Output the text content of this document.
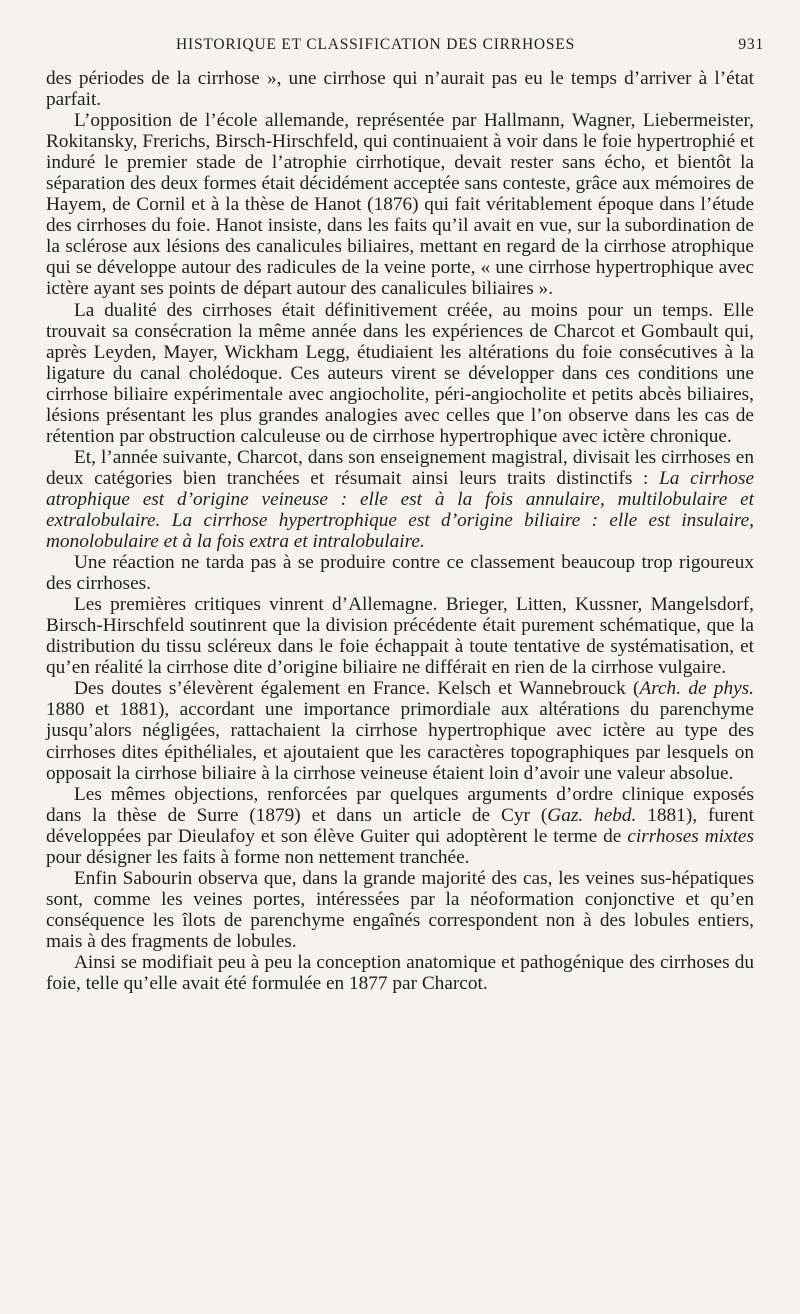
HISTORIQUE ET CLASSIFICATION DES CIRRHOSES	931

des périodes de la cirrhose », une cirrhose qui n’aurait pas eu le temps d’arriver à l’état parfait.

L’opposition de l’école allemande, représentée par Hallmann, Wagner, Liebermeister, Rokitansky, Frerichs, Birsch-Hirschfeld, qui continuaient à voir dans le foie hypertrophié et induré le premier stade de l’atrophie cirrhotique, devait rester sans écho, et bientôt la séparation des deux formes était décidément acceptée sans conteste, grâce aux mémoires de Hayem, de Cornil et à la thèse de Hanot (1876) qui fait véritablement époque dans l’étude des cirrhoses du foie. Hanot insiste, dans les faits qu’il avait en vue, sur la subordination de la sclérose aux lésions des canalicules biliaires, mettant en regard de la cirrhose atrophique qui se développe autour des radicules de la veine porte, « une cirrhose hypertrophique avec ictère ayant ses points de départ autour des canalicules biliaires ».

La dualité des cirrhoses était définitivement créée, au moins pour un temps. Elle trouvait sa consécration la même année dans les expériences de Charcot et Gombault qui, après Leyden, Mayer, Wickham Legg, étudiaient les altérations du foie consécutives à la ligature du canal cholédoque. Ces auteurs virent se développer dans ces conditions une cirrhose biliaire expérimentale avec angiocholite, péri-angiocholite et petits abcès biliaires, lésions présentant les plus grandes analogies avec celles que l’on observe dans les cas de rétention par obstruction calculeuse ou de cirrhose hypertrophique avec ictère chronique.

Et, l’année suivante, Charcot, dans son enseignement magistral, divisait les cirrhoses en deux catégories bien tranchées et résumait ainsi leurs traits distinctifs : La cirrhose atrophique est d’origine veineuse : elle est à la fois annulaire, multilobulaire et extralobulaire. La cirrhose hypertrophique est d’origine biliaire : elle est insulaire, monolobulaire et à la fois extra et intralobulaire.

Une réaction ne tarda pas à se produire contre ce classement beaucoup trop rigoureux des cirrhoses.

Les premières critiques vinrent d’Allemagne. Brieger, Litten, Kussner, Mangelsdorf, Birsch-Hirschfeld soutinrent que la division précédente était purement schématique, que la distribution du tissu scléreux dans le foie échappait à toute tentative de systématisation, et qu’en réalité la cirrhose dite d’origine biliaire ne différait en rien de la cirrhose vulgaire.

Des doutes s’élevèrent également en France. Kelsch et Wannebrouck (Arch. de phys. 1880 et 1881), accordant une importance primordiale aux altérations du parenchyme jusqu’alors négligées, rattachaient la cirrhose hypertrophique avec ictère au type des cirrhoses dites épithéliales, et ajoutaient que les caractères topographiques par lesquels on opposait la cirrhose biliaire à la cirrhose veineuse étaient loin d’avoir une valeur absolue.

Les mêmes objections, renforcées par quelques arguments d’ordre clinique exposés dans la thèse de Surre (1879) et dans un article de Cyr (Gaz. hebd. 1881), furent développées par Dieulafoy et son élève Guiter qui adoptèrent le terme de cirrhoses mixtes pour désigner les faits à forme non nettement tranchée.

Enfin Sabourin observa que, dans la grande majorité des cas, les veines sus-hépatiques sont, comme les veines portes, intéressées par la néoformation conjonctive et qu’en conséquence les îlots de parenchyme engaînés correspondent non à des lobules entiers, mais à des fragments de lobules.

Ainsi se modifiait peu à peu la conception anatomique et pathogénique des cirrhoses du foie, telle qu’elle avait été formulée en 1877 par Charcot.
